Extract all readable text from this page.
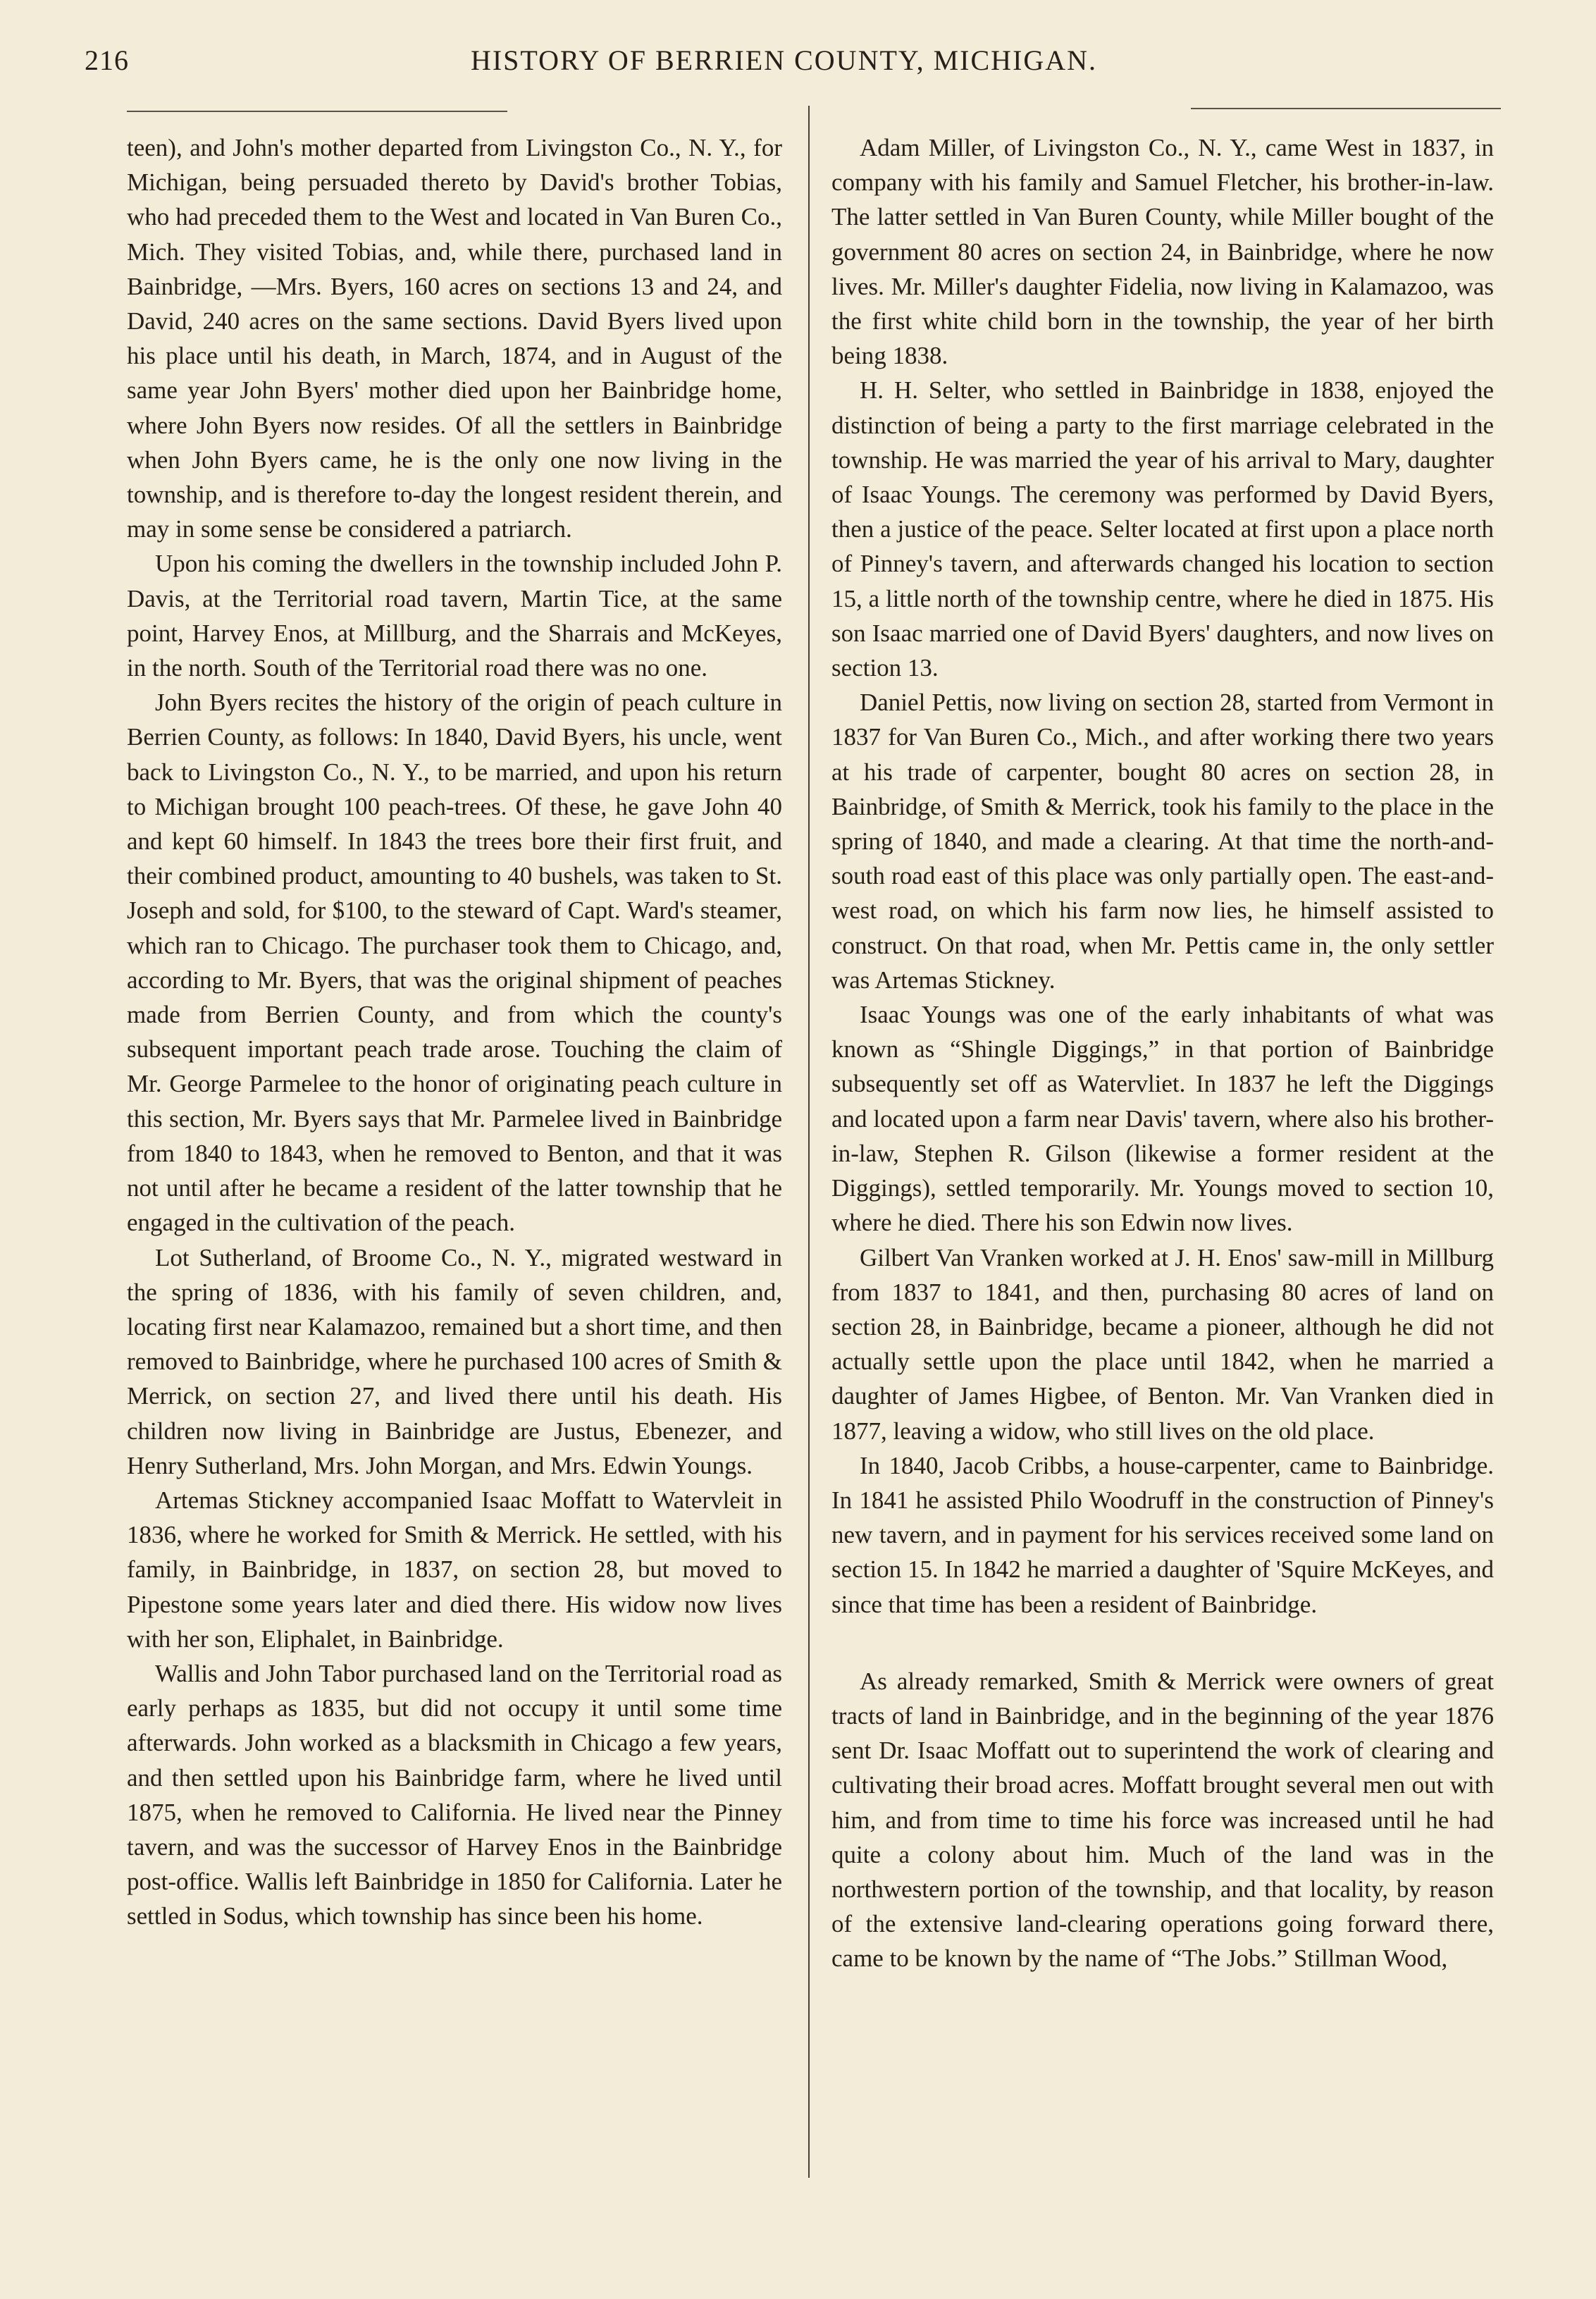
216	HISTORY OF BERRIEN COUNTY, MICHIGAN.

teen), and John's mother departed from Livingston Co., N. Y., for Michigan, being persuaded thereto by David's brother Tobias, who had preceded them to the West and located in Van Buren Co., Mich. They visited Tobias, and, while there, purchased land in Bainbridge, —Mrs. Byers, 160 acres on sections 13 and 24, and David, 240 acres on the same sections. David Byers lived upon his place until his death, in March, 1874, and in August of the same year John Byers' mother died upon her Bainbridge home, where John Byers now resides. Of all the settlers in Bainbridge when John Byers came, he is the only one now living in the township, and is therefore to-day the longest resident therein, and may in some sense be considered a patriarch.

Upon his coming the dwellers in the township included John P. Davis, at the Territorial road tavern, Martin Tice, at the same point, Harvey Enos, at Millburg, and the Sharrais and McKeyes, in the north. South of the Territorial road there was no one.

John Byers recites the history of the origin of peach culture in Berrien County, as follows: In 1840, David Byers, his uncle, went back to Livingston Co., N. Y., to be married, and upon his return to Michigan brought 100 peach-trees. Of these, he gave John 40 and kept 60 himself. In 1843 the trees bore their first fruit, and their combined product, amounting to 40 bushels, was taken to St. Joseph and sold, for $100, to the steward of Capt. Ward's steamer, which ran to Chicago. The purchaser took them to Chicago, and, according to Mr. Byers, that was the original shipment of peaches made from Berrien County, and from which the county's subsequent important peach trade arose. Touching the claim of Mr. George Parmelee to the honor of originating peach culture in this section, Mr. Byers says that Mr. Parmelee lived in Bainbridge from 1840 to 1843, when he removed to Benton, and that it was not until after he became a resident of the latter township that he engaged in the cultivation of the peach.

Lot Sutherland, of Broome Co., N. Y., migrated westward in the spring of 1836, with his family of seven children, and, locating first near Kalamazoo, remained but a short time, and then removed to Bainbridge, where he purchased 100 acres of Smith & Merrick, on section 27, and lived there until his death. His children now living in Bainbridge are Justus, Ebenezer, and Henry Sutherland, Mrs. John Morgan, and Mrs. Edwin Youngs.

Artemas Stickney accompanied Isaac Moffatt to Watervleit in 1836, where he worked for Smith & Merrick. He settled, with his family, in Bainbridge, in 1837, on section 28, but moved to Pipestone some years later and died there. His widow now lives with her son, Eliphalet, in Bainbridge.

Wallis and John Tabor purchased land on the Territorial road as early perhaps as 1835, but did not occupy it until some time afterwards. John worked as a blacksmith in Chicago a few years, and then settled upon his Bainbridge farm, where he lived until 1875, when he removed to California. He lived near the Pinney tavern, and was the successor of Harvey Enos in the Bainbridge post-office. Wallis left Bainbridge in 1850 for California. Later he settled in Sodus, which township has since been his home.

Adam Miller, of Livingston Co., N. Y., came West in 1837, in company with his family and Samuel Fletcher, his brother-in-law. The latter settled in Van Buren County, while Miller bought of the government 80 acres on section 24, in Bainbridge, where he now lives. Mr. Miller's daughter Fidelia, now living in Kalamazoo, was the first white child born in the township, the year of her birth being 1838.

H. H. Selter, who settled in Bainbridge in 1838, enjoyed the distinction of being a party to the first marriage celebrated in the township. He was married the year of his arrival to Mary, daughter of Isaac Youngs. The ceremony was performed by David Byers, then a justice of the peace. Selter located at first upon a place north of Pinney's tavern, and afterwards changed his location to section 15, a little north of the township centre, where he died in 1875. His son Isaac married one of David Byers' daughters, and now lives on section 13.

Daniel Pettis, now living on section 28, started from Vermont in 1837 for Van Buren Co., Mich., and after working there two years at his trade of carpenter, bought 80 acres on section 28, in Bainbridge, of Smith & Merrick, took his family to the place in the spring of 1840, and made a clearing. At that time the north-and-south road east of this place was only partially open. The east-and-west road, on which his farm now lies, he himself assisted to construct. On that road, when Mr. Pettis came in, the only settler was Artemas Stickney.

Isaac Youngs was one of the early inhabitants of what was known as “Shingle Diggings,” in that portion of Bainbridge subsequently set off as Watervliet. In 1837 he left the Diggings and located upon a farm near Davis' tavern, where also his brother-in-law, Stephen R. Gilson (likewise a former resident at the Diggings), settled temporarily. Mr. Youngs moved to section 10, where he died. There his son Edwin now lives.

Gilbert Van Vranken worked at J. H. Enos' saw-mill in Millburg from 1837 to 1841, and then, purchasing 80 acres of land on section 28, in Bainbridge, became a pioneer, although he did not actually settle upon the place until 1842, when he married a daughter of James Higbee, of Benton. Mr. Van Vranken died in 1877, leaving a widow, who still lives on the old place.

In 1840, Jacob Cribbs, a house-carpenter, came to Bainbridge. In 1841 he assisted Philo Woodruff in the construction of Pinney's new tavern, and in payment for his services received some land on section 15. In 1842 he married a daughter of 'Squire McKeyes, and since that time has been a resident of Bainbridge.

As already remarked, Smith & Merrick were owners of great tracts of land in Bainbridge, and in the beginning of the year 1876 sent Dr. Isaac Moffatt out to superintend the work of clearing and cultivating their broad acres. Moffatt brought several men out with him, and from time to time his force was increased until he had quite a colony about him. Much of the land was in the northwestern portion of the township, and that locality, by reason of the extensive land-clearing operations going forward there, came to be known by the name of “The Jobs.” Stillman Wood,
